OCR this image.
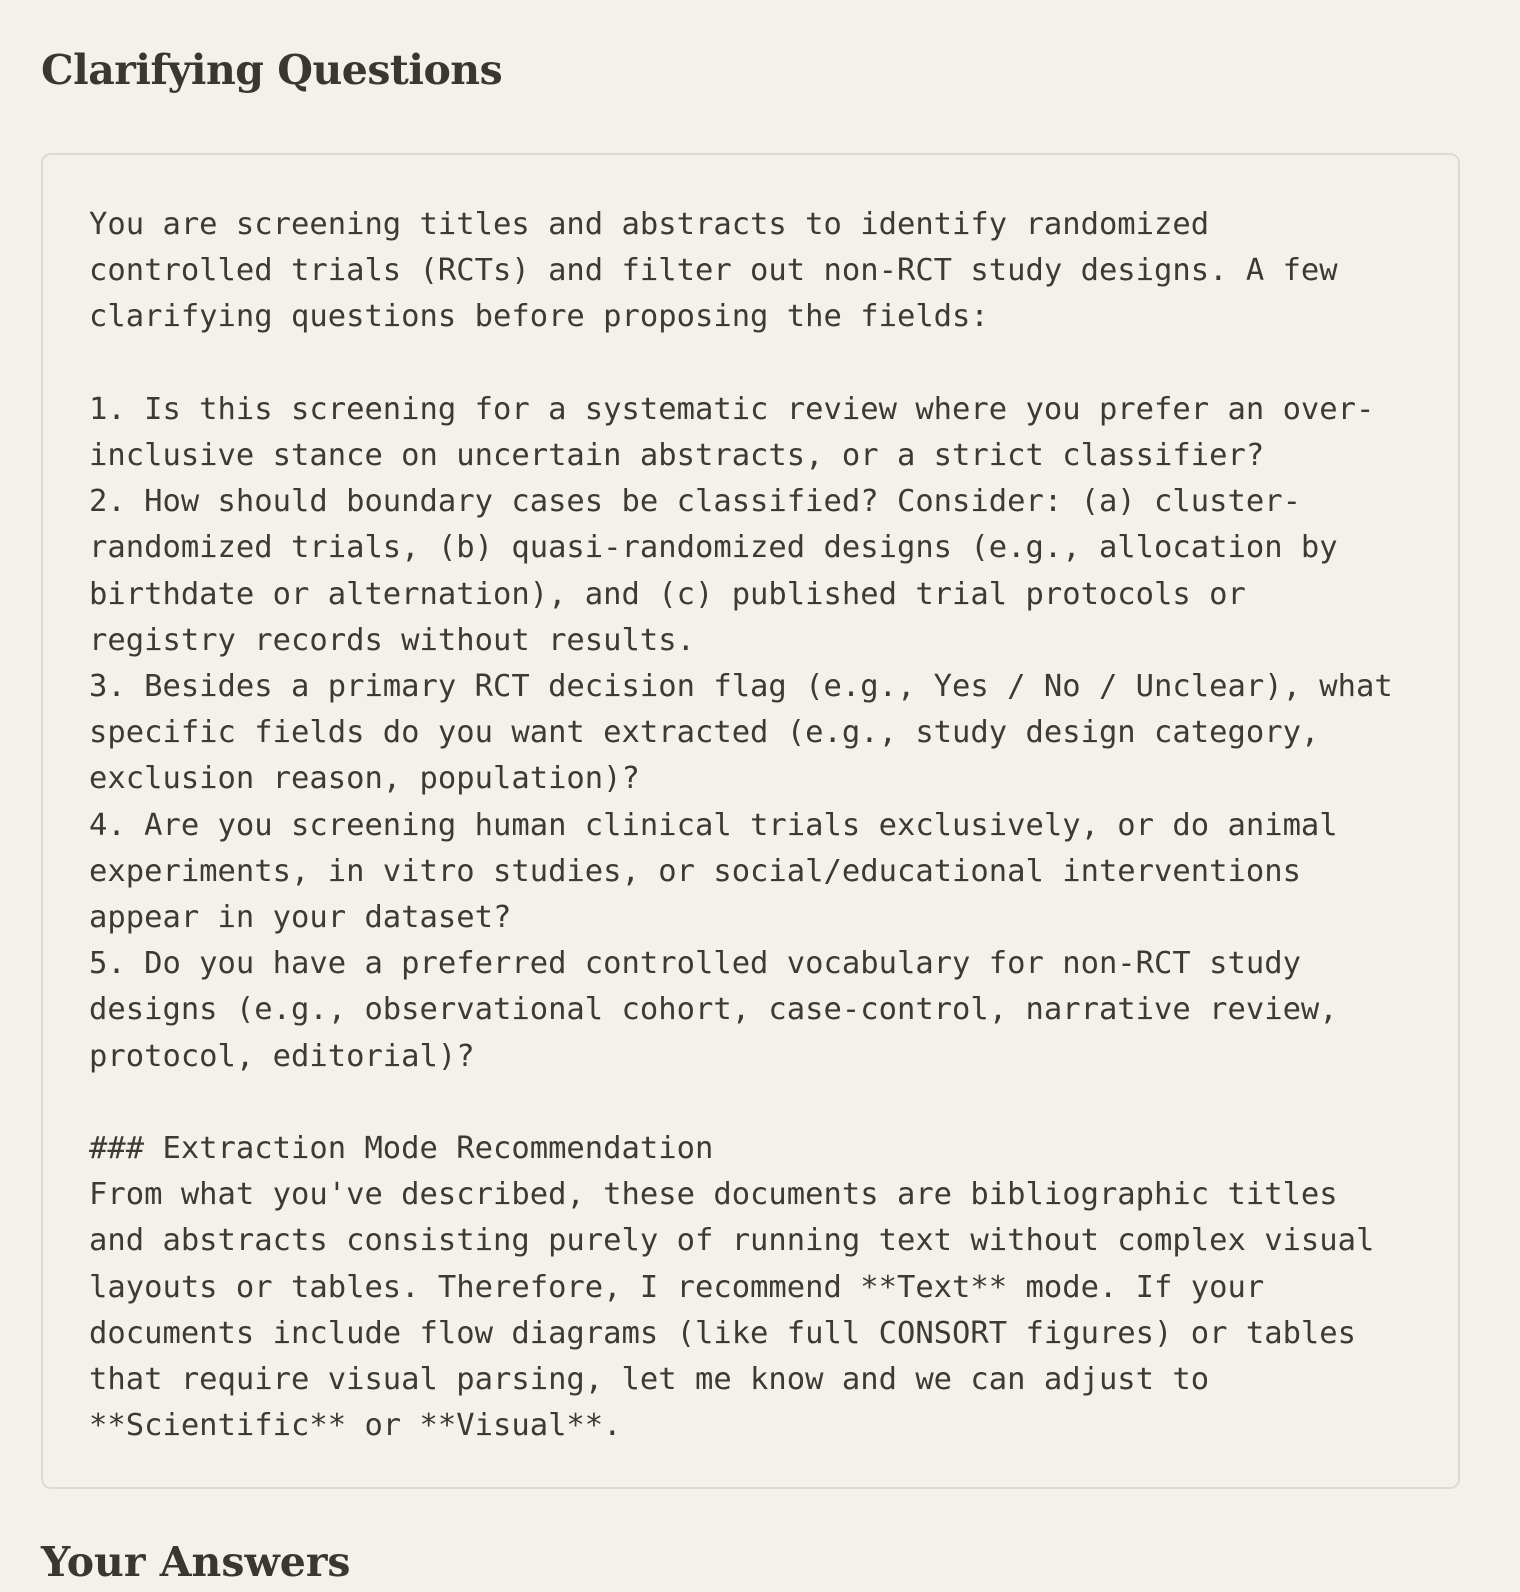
Clarifying Questions
You are screening titles and abstracts to identify randomized
controlled trials (RCTs) and filter out non-RCT study designs. A few
clarifying questions before proposing the fields:

1. Is this screening for a systematic review where you prefer an over-
inclusive stance on uncertain abstracts, or a strict classifier?
2. How should boundary cases be classified? Consider: (a) cluster-
randomized trials, (b) quasi-randomized designs (e.g., allocation by
birthdate or alternation), and (c) published trial protocols or
registry records without results.
3. Besides a primary RCT decision flag (e.g., Yes / No / Unclear), what
specific fields do you want extracted (e.g., study design category,
exclusion reason, population)?
4. Are you screening human clinical trials exclusively, or do animal
experiments, in vitro studies, or social/educational interventions
appear in your dataset?
5. Do you have a preferred controlled vocabulary for non-RCT study
designs (e.g., observational cohort, case-control, narrative review,
protocol, editorial)?

### Extraction Mode Recommendation
From what you've described, these documents are bibliographic titles
and abstracts consisting purely of running text without complex visual
layouts or tables. Therefore, I recommend **Text** mode. If your
documents include flow diagrams (like full CONSORT figures) or tables
that require visual parsing, let me know and we can adjust to
**Scientific** or **Visual**.
Your Answers
